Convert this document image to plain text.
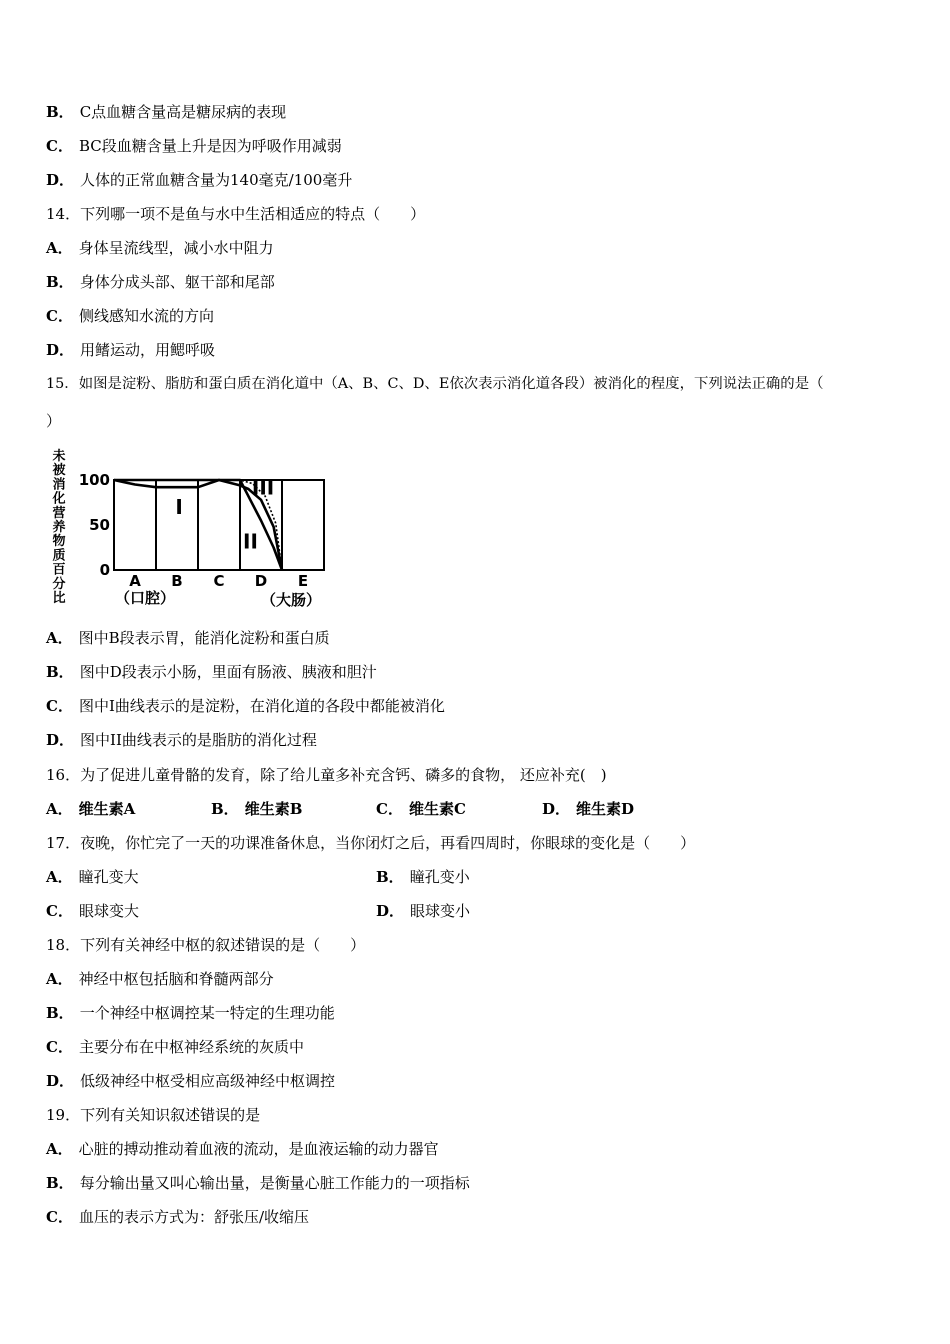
B． C点血糖含量高是糖尿病的表现
C． BC段血糖含量上升是因为呼吸作用减弱
D． 人体的正常血糖含量为140毫克/100毫升
14．下列哪一项不是鱼与水中生活相适应的特点（　　）
A． 身体呈流线型，减小水中阻力
B． 身体分成头部、躯干部和尾部
C． 侧线感知水流的方向
D． 用鳍运动，用鳃呼吸
15．如图是淀粉、脂肪和蛋白质在消化道中（A、B、C、D、E依次表示消化道各段）被消化的程度，下列说法正确的是（
）
未
被
消
化
营
养
物
质
百
分
比
100
50
0
I
II
III
A B C D E
（口腔）	（大肠）
A． 图中B段表示胃，能消化淀粉和蛋白质
B． 图中D段表示小肠，里面有肠液、胰液和胆汁
C． 图中I曲线表示的是淀粉，在消化道的各段中都能被消化
D． 图中II曲线表示的是脂肪的消化过程
16．为了促进儿童骨骼的发育，除了给儿童多补充含钙、磷多的食物， 还应补充(　)
A． 维生素A	B． 维生素B	C． 维生素C	D． 维生素D
17．夜晚，你忙完了一天的功课准备休息，当你闭灯之后，再看四周时，你眼球的变化是（　　）
A． 瞳孔变大	B． 瞳孔变小
C． 眼球变大	D． 眼球变小
18．下列有关神经中枢的叙述错误的是（　　）
A． 神经中枢包括脑和脊髓两部分
B． 一个神经中枢调控某一特定的生理功能
C． 主要分布在中枢神经系统的灰质中
D． 低级神经中枢受相应高级神经中枢调控
19．下列有关知识叙述错误的是
A． 心脏的搏动推动着血液的流动，是血液运输的动力器官
B． 每分输出量又叫心输出量，是衡量心脏工作能力的一项指标
C． 血压的表示方式为：舒张压/收缩压
